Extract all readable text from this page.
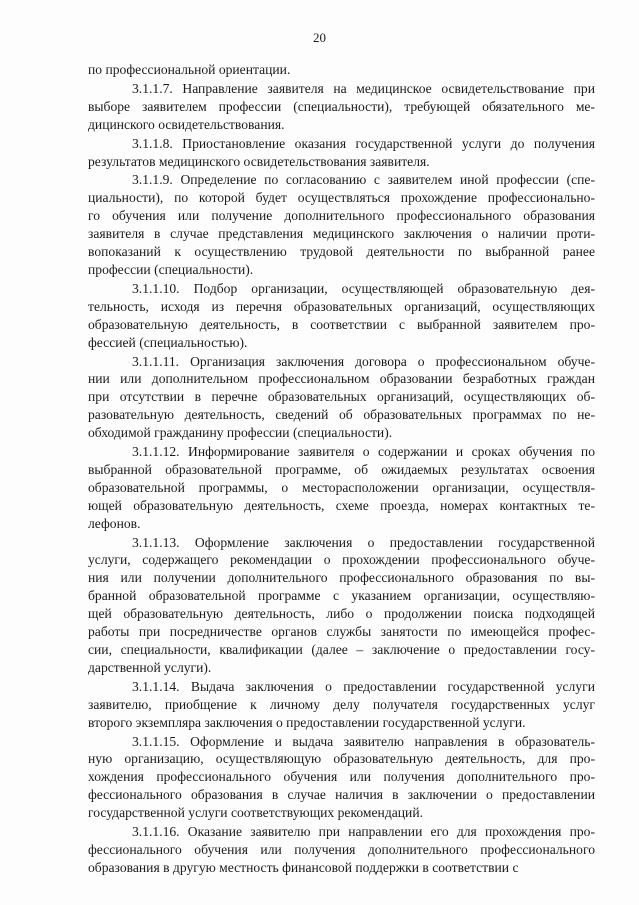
20
по профессиональной ориентации.
3.1.1.7. Направление заявителя на медицинское освидетельствование при
выборе заявителем профессии (специальности), требующей обязательного ме-
дицинского освидетельствования.
3.1.1.8. Приостановление оказания государственной услуги до получения
результатов медицинского освидетельствования заявителя.
3.1.1.9. Определение по согласованию с заявителем иной профессии (спе-
циальности), по которой будет осуществляться прохождение профессионально-
го обучения или получение дополнительного профессионального образования
заявителя в случае представления медицинского заключения о наличии проти-
вопоказаний к осуществлению трудовой деятельности по выбранной ранее
профессии (специальности).
3.1.1.10. Подбор организации, осуществляющей образовательную дея-
тельность, исходя из перечня образовательных организаций, осуществляющих
образовательную деятельность, в соответствии с выбранной заявителем про-
фессией (специальностью).
3.1.1.11. Организация заключения договора о профессиональном обуче-
нии или дополнительном профессиональном образовании безработных граждан
при отсутствии в перечне образовательных организаций, осуществляющих об-
разовательную деятельность, сведений об образовательных программах по не-
обходимой гражданину профессии (специальности).
3.1.1.12. Информирование заявителя о содержании и сроках обучения по
выбранной образовательной программе, об ожидаемых результатах освоения
образовательной программы, о месторасположении организации, осуществля-
ющей образовательную деятельность, схеме проезда, номерах контактных те-
лефонов.
3.1.1.13. Оформление заключения о предоставлении государственной
услуги, содержащего рекомендации о прохождении профессионального обуче-
ния или получении дополнительного профессионального образования по вы-
бранной образовательной программе с указанием организации, осуществляю-
щей образовательную деятельность, либо о продолжении поиска подходящей
работы при посредничестве органов службы занятости по имеющейся профес-
сии, специальности, квалификации (далее – заключение о предоставлении госу-
дарственной услуги).
3.1.1.14. Выдача заключения о предоставлении государственной услуги
заявителю, приобщение к личному делу получателя государственных услуг
второго экземпляра заключения о предоставлении государственной услуги.
3.1.1.15. Оформление и выдача заявителю направления в образователь-
ную организацию, осуществляющую образовательную деятельность, для про-
хождения профессионального обучения или получения дополнительного про-
фессионального образования в случае наличия в заключении о предоставлении
государственной услуги соответствующих рекомендаций.
3.1.1.16. Оказание заявителю при направлении его для прохождения про-
фессионального обучения или получения дополнительного профессионального
образования в другую местность финансовой поддержки в соответствии с
